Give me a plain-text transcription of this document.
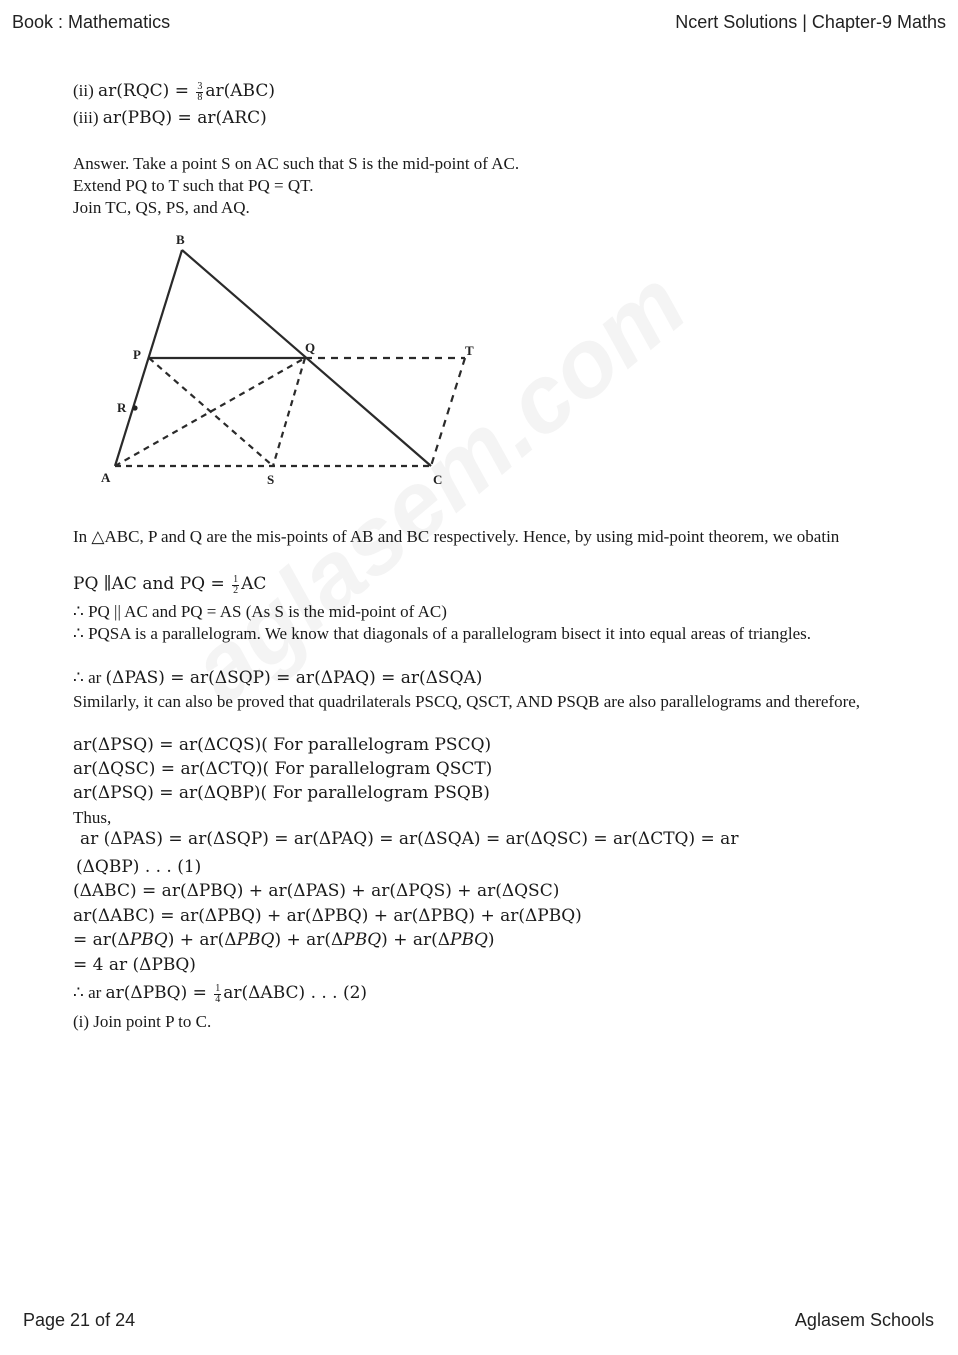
Book : Mathematics	Ncert Solutions | Chapter-9 Maths
(ii) $ar(RQC) = \frac{3}{8} ar(ABC)$
(iii) ar(PBQ) = ar(ARC)
Answer. Take a point S on AC such that S is the mid-point of AC.
Extend PQ to T such that PQ = QT.
Join TC, QS, PS, and AQ.
B
P	Q	T
R
A	S	C
In △ABC, P and Q are the mis-points of AB and BC respectively. Hence, by using mid-point theorem, we obatin
PQ ∥AC and PQ = $\frac{1}{2}$ AC
∴ PQ || AC and PQ = AS (As S is the mid-point of AC)
∴ PQSA is a parallelogram. We know that diagonals of a parallelogram bisect it into equal areas of triangles.
∴ ar (ΔPAS) = ar(ΔSQP) = ar(ΔPAQ) = ar(ΔSQA)
Similarly, it can also be proved that quadrilaterals PSCQ, QSCT, AND PSQB are also parallelograms and therefore,
ar(ΔPSQ) = ar(ΔCQS)( For parallelogram PSCQ)
ar(ΔQSC) = ar(ΔCTQ)( For parallelogram QSCT)
ar(ΔPSQ) = ar(ΔQBP)( For parallelogram PSQB)
Thus,
ar (ΔPAS) = ar(ΔSQP) = ar(ΔPAQ) = ar(ΔSQA) = ar(ΔQSC) = ar(ΔCTQ) = ar
(ΔQBP) . . . (1)
(ΔABC) = ar(ΔPBQ) + ar(ΔPAS) + ar(ΔPQS) + ar(ΔQSC)
ar(ΔABC) = ar(ΔPBQ) + ar(ΔPBQ) + ar(ΔPBQ) + ar(ΔPBQ)
= ar(ΔPBQ) + ar(ΔPBQ) + ar(ΔPBQ) + ar(ΔPBQ)
= 4 ar (ΔPBQ)
∴ ar $ar(\Delta PBQ) = \frac{1}{4} ar(\Delta ABC)$ . . . (2)
(i) Join point P to C.
Page 21 of 24	Aglasem Schools
